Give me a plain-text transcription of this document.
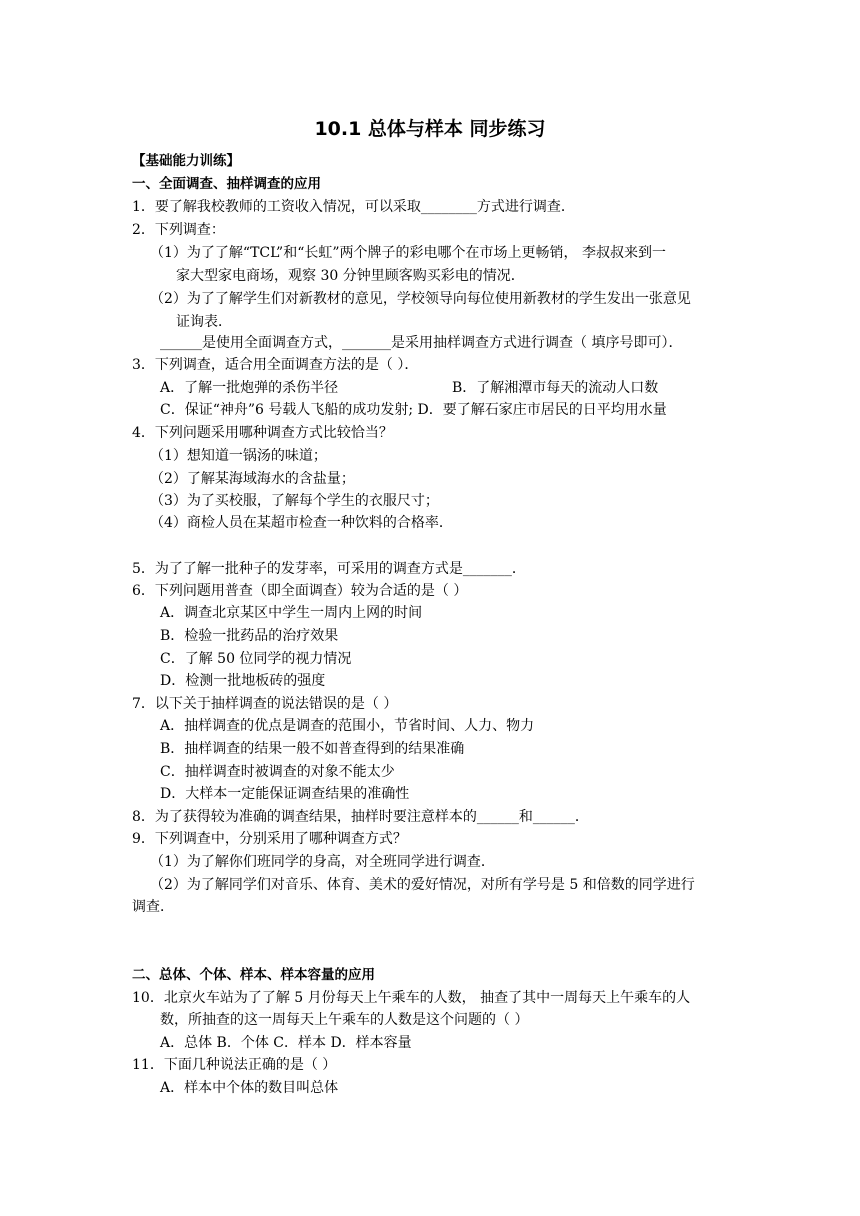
10.1 总体与样本 同步练习
【基础能力训练】
一、全面调查、抽样调查的应用
1．要了解我校教师的工资收入情况，可以采取________方式进行调查．
2．下列调查：
（1）为了了解“TCL”和“长虹”两个牌子的彩电哪个在市场上更畅销， 李叔叔来到一
家大型家电商场，观察 30 分钟里顾客购买彩电的情况．
（2）为了了解学生们对新教材的意见，学校领导向每位使用新教材的学生发出一张意见
证询表．
______是使用全面调查方式，_______是采用抽样调查方式进行调查（ 填序号即可）．
3．下列调查，适合用全面调查方法的是（ ）．
A．了解一批炮弹的杀伤半径	B．了解湘潭市每天的流动人口数
C．保证“神舟”6 号载人飞船的成功发射; D．要了解石家庄市居民的日平均用水量
4．下列问题采用哪种调查方式比较恰当？
（1）想知道一锅汤的味道；
（2）了解某海域海水的含盐量；
（3）为了买校服，了解每个学生的衣服尺寸；
（4）商检人员在某超市检查一种饮料的合格率．
5．为了了解一批种子的发芽率，可采用的调查方式是_______．
6．下列问题用普查（即全面调查）较为合适的是（ ）
A．调查北京某区中学生一周内上网的时间
B．检验一批药品的治疗效果
C．了解 50 位同学的视力情况
D．检测一批地板砖的强度
7．以下关于抽样调查的说法错误的是（ ）
A．抽样调查的优点是调查的范围小，节省时间、人力、物力
B．抽样调查的结果一般不如普查得到的结果准确
C．抽样调查时被调查的对象不能太少
D．大样本一定能保证调查结果的准确性
8．为了获得较为准确的调查结果，抽样时要注意样本的______和______．
9．下列调查中，分别采用了哪种调查方式？
（1）为了解你们班同学的身高，对全班同学进行调查．
（2）为了解同学们对音乐、体育、美术的爱好情况，对所有学号是 5 和倍数的同学进行
调查．
二、总体、个体、样本、样本容量的应用
10．北京火车站为了了解 5 月份每天上午乘车的人数， 抽查了其中一周每天上午乘车的人
数，所抽查的这一周每天上午乘车的人数是这个问题的（ ）
A．总体 B．个体 C．样本 D．样本容量
11．下面几种说法正确的是（ ）
A．样本中个体的数目叫总体
